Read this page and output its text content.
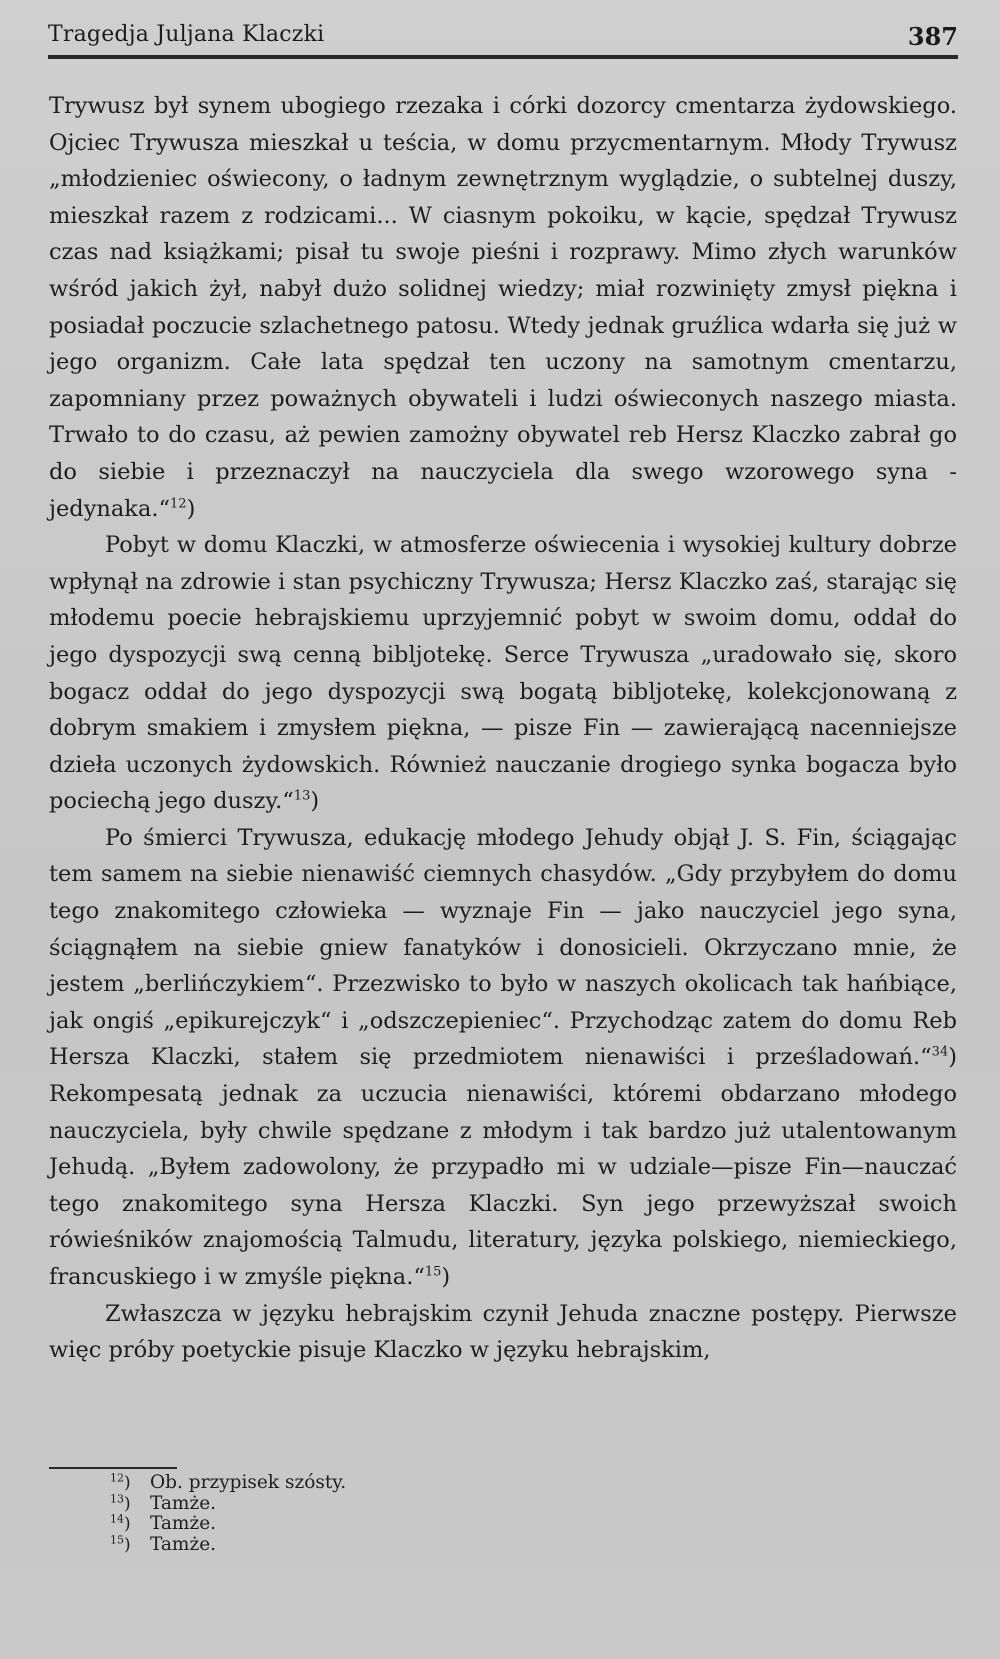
Tragedja Juljana Klaczki	387

Trywusz był synem ubogiego rzezaka i córki dozorcy cmentarza żydowskiego. Ojciec Trywusza mieszkał u teścia, w domu przycmentarnym. Młody Trywusz „młodzieniec oświecony, o ładnym zewnętrznym wyglądzie, o subtelnej duszy, mieszkał razem z rodzicami... W ciasnym pokoiku, w kącie, spędzał Trywusz czas nad książkami; pisał tu swoje pieśni i rozprawy. Mimo złych warunków wśród jakich żył, nabył dużo solidnej wiedzy; miał rozwinięty zmysł piękna i posiadał poczucie szlachetnego patosu. Wtedy jednak gruźlica wdarła się już w jego organizm. Całe lata spędzał ten uczony na samotnym cmentarzu, zapomniany przez poważnych obywateli i ludzi oświeconych naszego miasta. Trwało to do czasu, aż pewien zamożny obywatel reb Hersz Klaczko zabrał go do siebie i przeznaczył na nauczyciela dla swego wzorowego syna - jedynaka.“$^{12}$)

Pobyt w domu Klaczki, w atmosferze oświecenia i wysokiej kultury dobrze wpłynął na zdrowie i stan psychiczny Trywusza; Hersz Klaczko zaś, starając się młodemu poecie hebrajskiemu uprzyjemnić pobyt w swoim domu, oddał do jego dyspozycji swą cenną bibljotekę. Serce Trywusza „uradowało się, skoro bogacz oddał do jego dyspozycji swą bogatą bibljotekę, kolekcjonowaną z dobrym smakiem i zmysłem piękna, — pisze Fin — zawierającą nacenniejsze dzieła uczonych żydowskich. Również nauczanie drogiego synka bogacza było pociechą jego duszy.“$^{13}$)

Po śmierci Trywusza, edukację młodego Jehudy objął J. S. Fin, ściągając tem samem na siebie nienawiść ciemnych chasydów. „Gdy przybyłem do domu tego znakomitego człowieka — wyznaje Fin — jako nauczyciel jego syna, ściągnąłem na siebie gniew fanatyków i donosicieli. Okrzyczano mnie, że jestem „berlińczykiem“. Przezwisko to było w naszych okolicach tak hańbiące, jak ongiś „epikurejczyk“ i „odszczepieniec“. Przychodząc zatem do domu Reb Hersza Klaczki, stałem się przedmiotem nienawiści i prześladowań.“$^{34}$) Rekompesatą jednak za uczucia nienawiści, któremi obdarzano młodego nauczyciela, były chwile spędzane z młodym i tak bardzo już utalentowanym Jehudą. „Byłem zadowolony, że przypadło mi w udziale—pisze Fin—nauczać tego znakomitego syna Hersza Klaczki. Syn jego przewyższał swoich rówieśników znajomością Talmudu, literatury, języka polskiego, niemieckiego, francuskiego i w zmyśle piękna.“$^{15}$)

Zwłaszcza w języku hebrajskim czynił Jehuda znaczne postępy. Pierwsze więc próby poetyckie pisuje Klaczko w języku hebrajskim,

$^{12}$) Ob. przypisek szósty.
$^{13}$) Tamże.
$^{14}$) Tamże.
$^{15}$) Tamże.
